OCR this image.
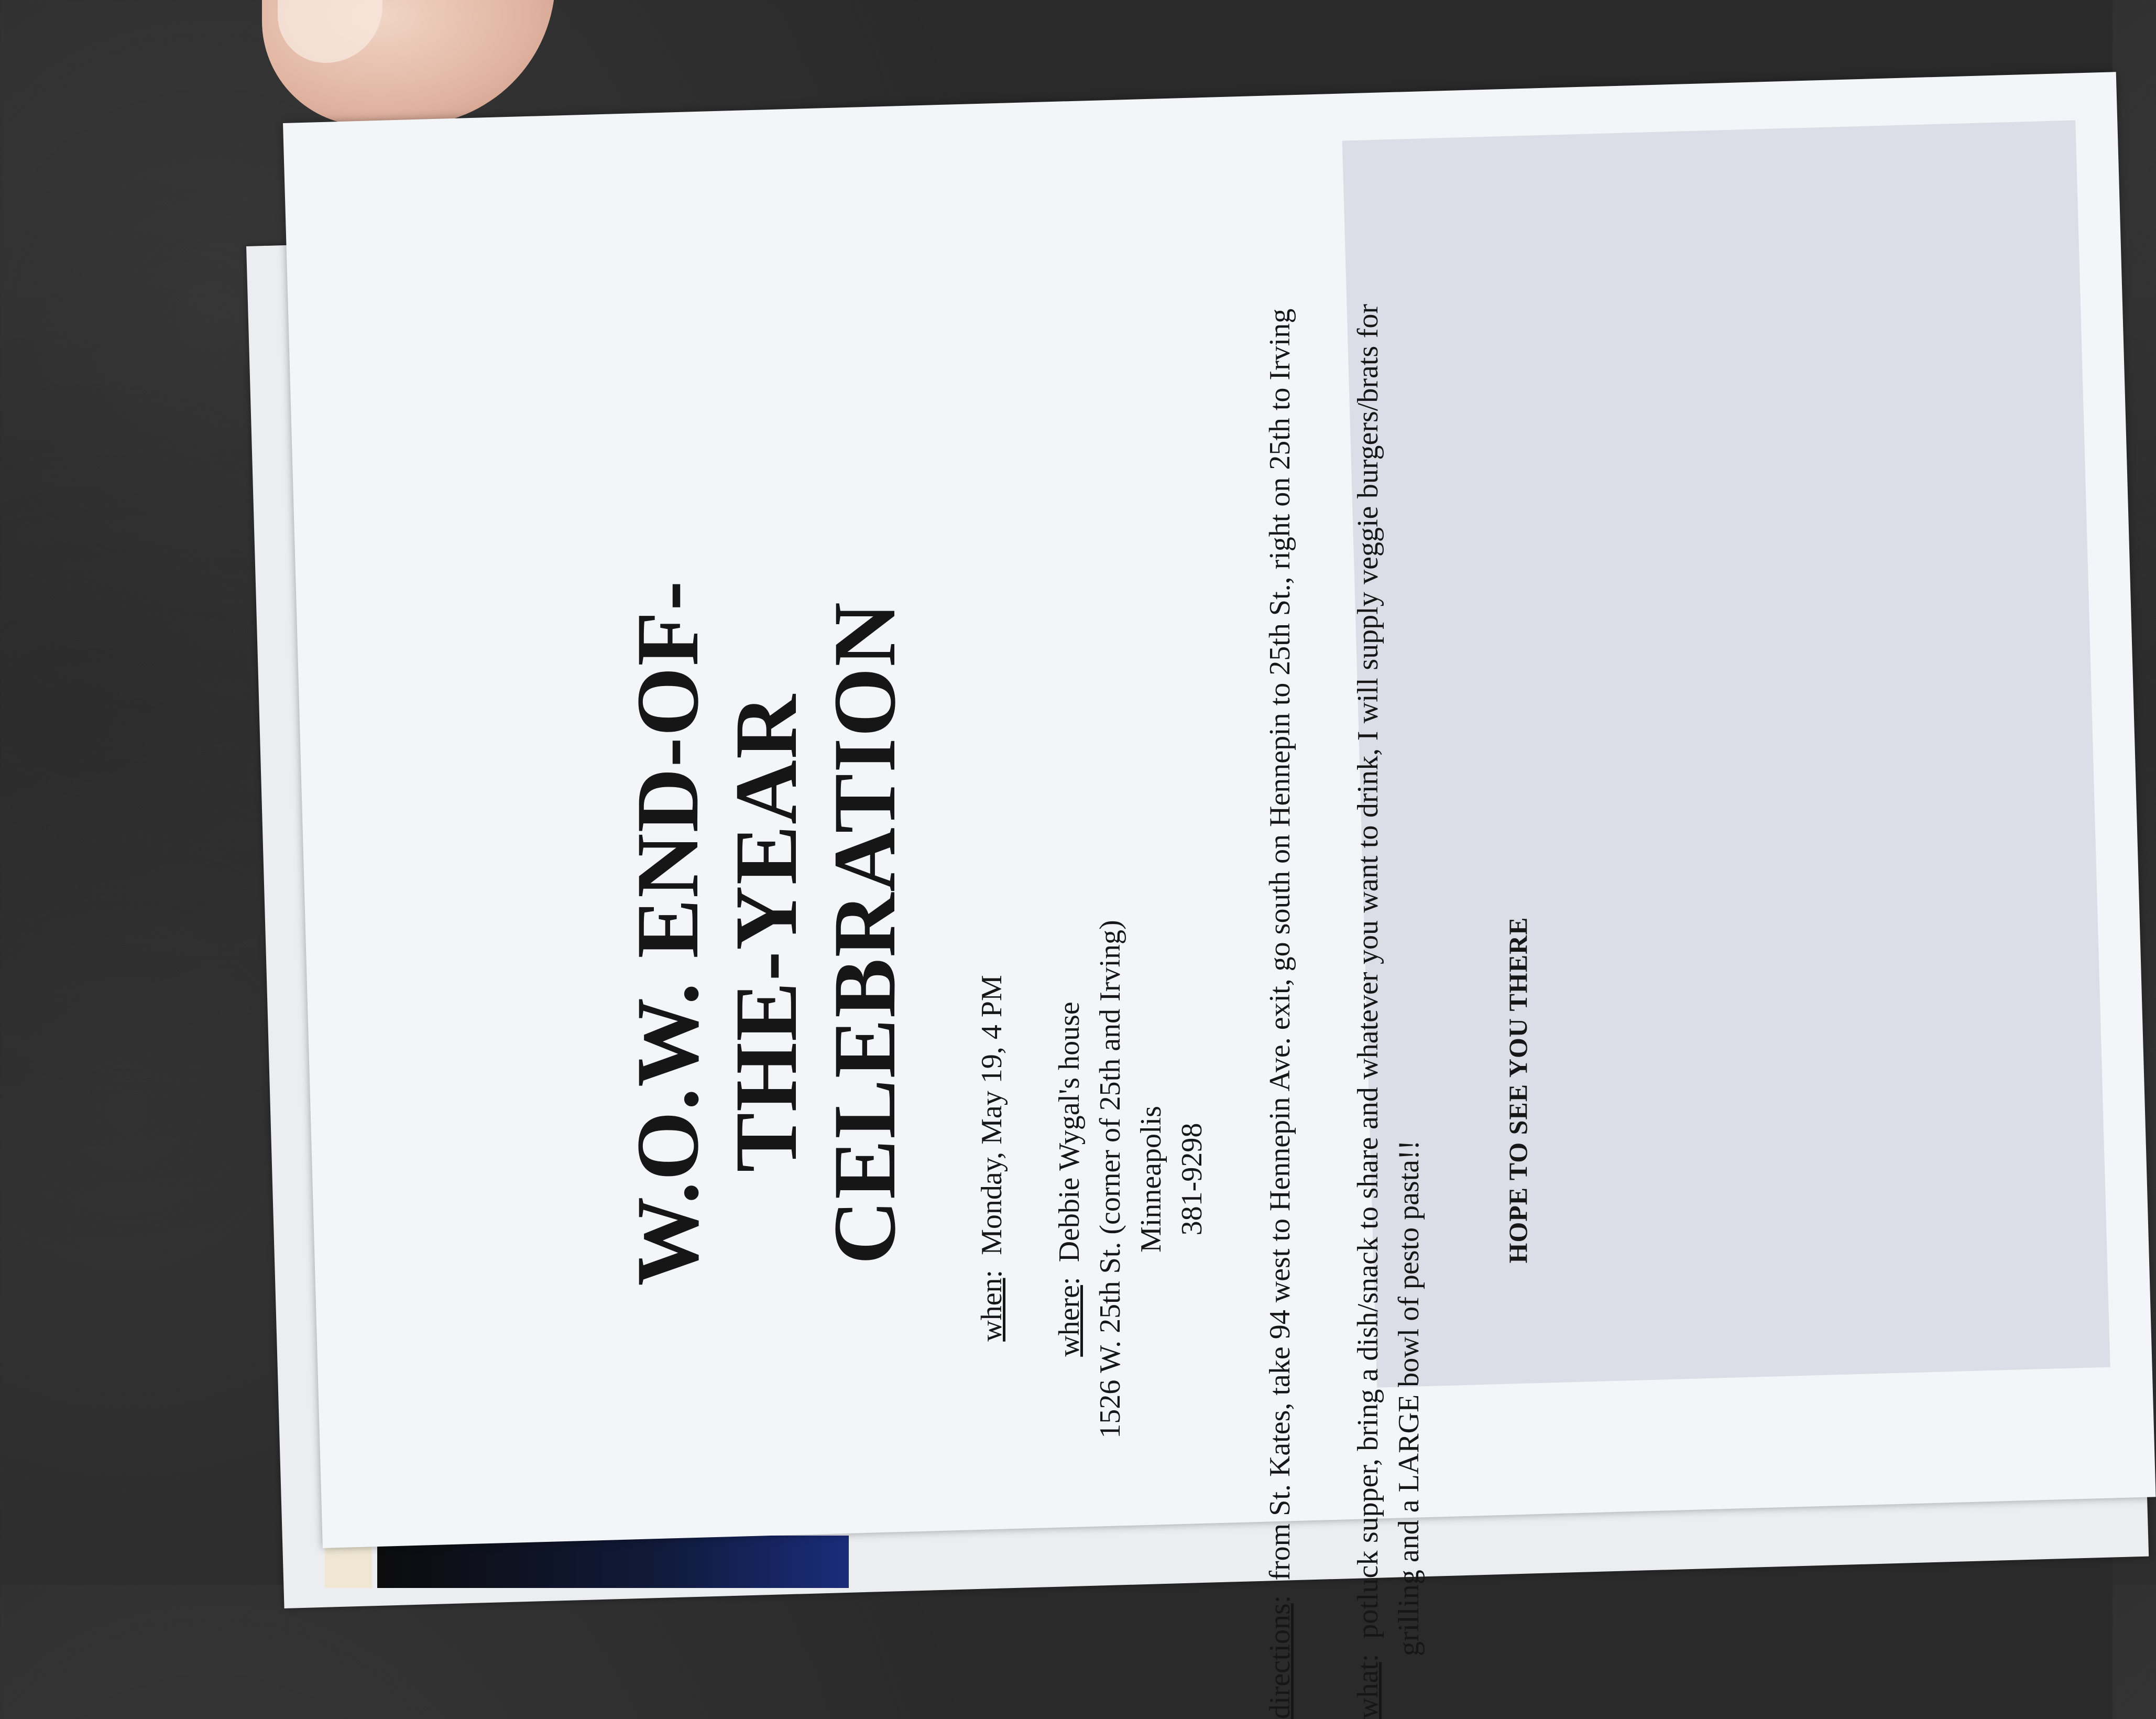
W.O.W. END-OF- THE-YEAR CELEBRATION
when:  Monday, May 19, 4 PM
where:  Debbie Wygal's house 1526 W. 25th St. (corner of 25th and Irving) Minneapolis 381-9298
directions:  from St. Kates, take 94 west to Hennepin Ave. exit, go south on Hennepin to 25th St., right on 25th to Irving
what:  potluck supper, bring a dish/snack to share and whatever you want to drink, I will supply veggie burgers/brats for grilling and a LARGE bowl of pesto pasta!!
HOPE TO SEE YOU THERE
